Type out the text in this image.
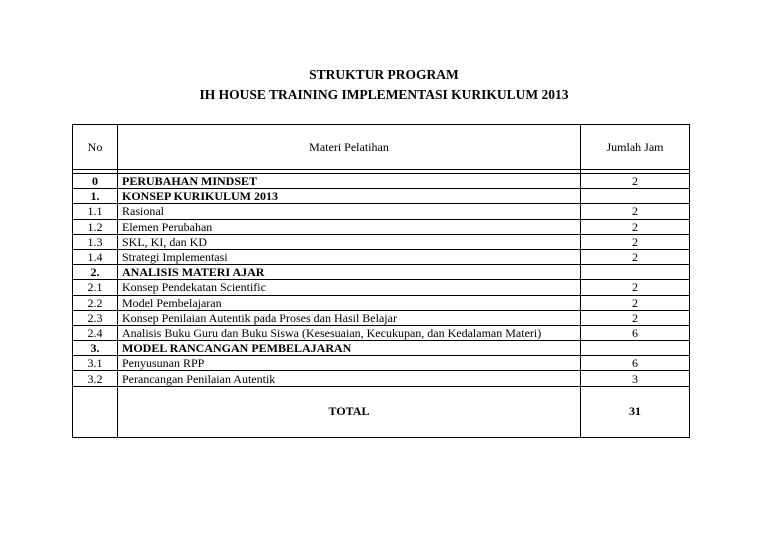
STRUKTUR PROGRAM
IH HOUSE TRAINING IMPLEMENTASI KURIKULUM 2013
No	Materi Pelatihan	Jumlah Jam

0	PERUBAHAN MINDSET	2
1.	KONSEP KURIKULUM 2013	
1.1	Rasional	2
1.2	Elemen Perubahan	2
1.3	SKL, KI, dan KD	2
1.4	Strategi Implementasi	2
2.	ANALISIS MATERI AJAR	
2.1	Konsep Pendekatan Scientific	2
2.2	Model Pembelajaran	2
2.3	Konsep Penilaian Autentik pada Proses dan Hasil Belajar	2
2.4	Analisis Buku Guru dan Buku Siswa (Kesesuaian, Kecukupan, dan Kedalaman Materi)	6
3.	MODEL RANCANGAN PEMBELAJARAN	
3.1	Penyusunan RPP	6
3.2	Perancangan Penilaian Autentik	3
	TOTAL	31
